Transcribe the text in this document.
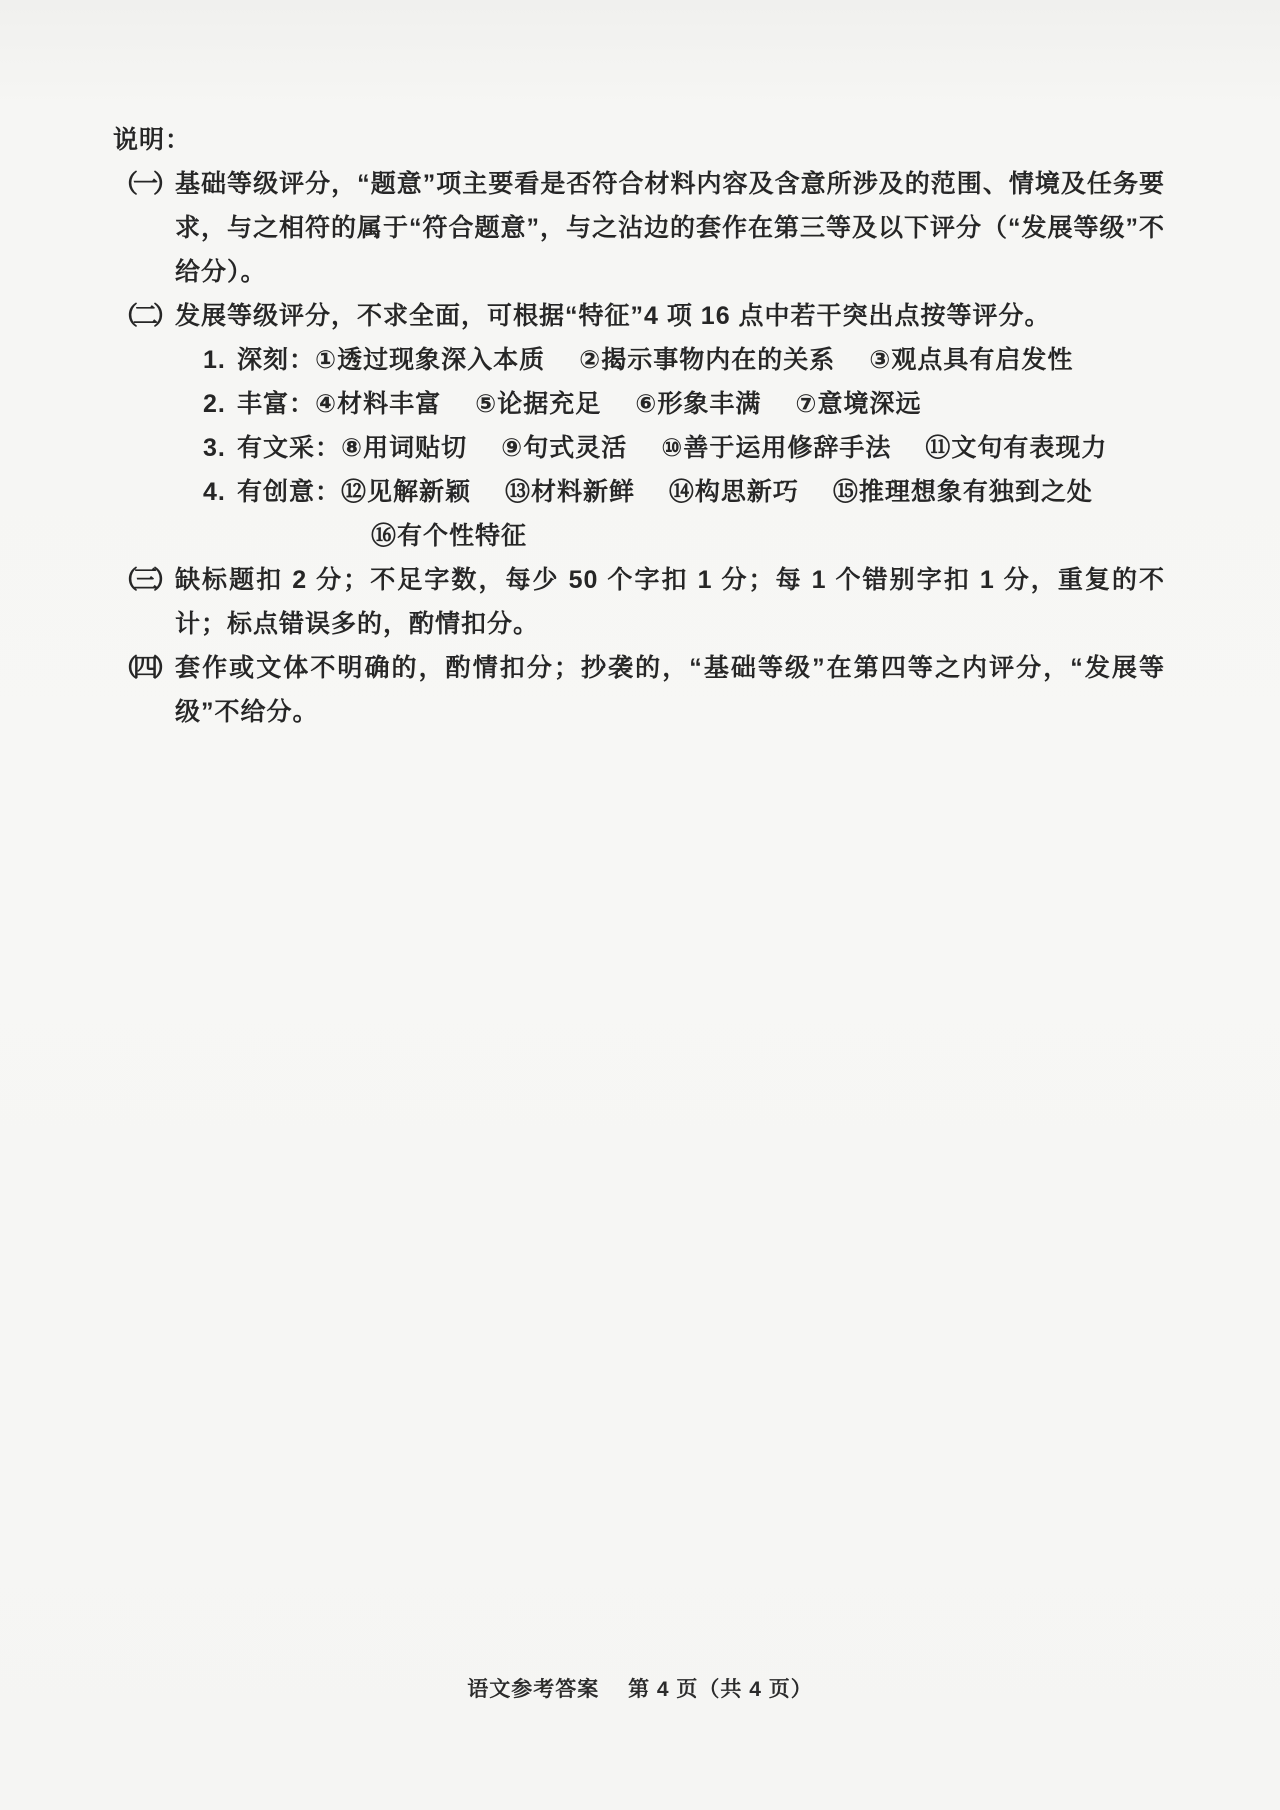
说明：
（一） 基础等级评分，“题意”项主要看是否符合材料内容及含意所涉及的范围、情境及任务要求，与之相符的属于“符合题意”，与之沾边的套作在第三等及以下评分（“发展等级”不给分）。
（二） 发展等级评分，不求全面，可根据“特征”4 项 16 点中若干突出点按等评分。
1. 深刻：①透过现象深入本质　 ②揭示事物内在的关系　 ③观点具有启发性
2. 丰富：④材料丰富　 ⑤论据充足　 ⑥形象丰满　 ⑦意境深远
3. 有文采：⑧用词贴切　 ⑨句式灵活　 ⑩善于运用修辞手法　 ⑪文句有表现力
4. 有创意：⑫见解新颖　 ⑬材料新鲜　 ⑭构思新巧　 ⑮推理想象有独到之处
⑯有个性特征
（三） 缺标题扣 2 分；不足字数，每少 50 个字扣 1 分；每 1 个错别字扣 1 分，重复的不计；标点错误多的，酌情扣分。
（四） 套作或文体不明确的，酌情扣分；抄袭的，“基础等级”在第四等之内评分，“发展等级”不给分。
语文参考答案　 第 4 页（共 4 页）
